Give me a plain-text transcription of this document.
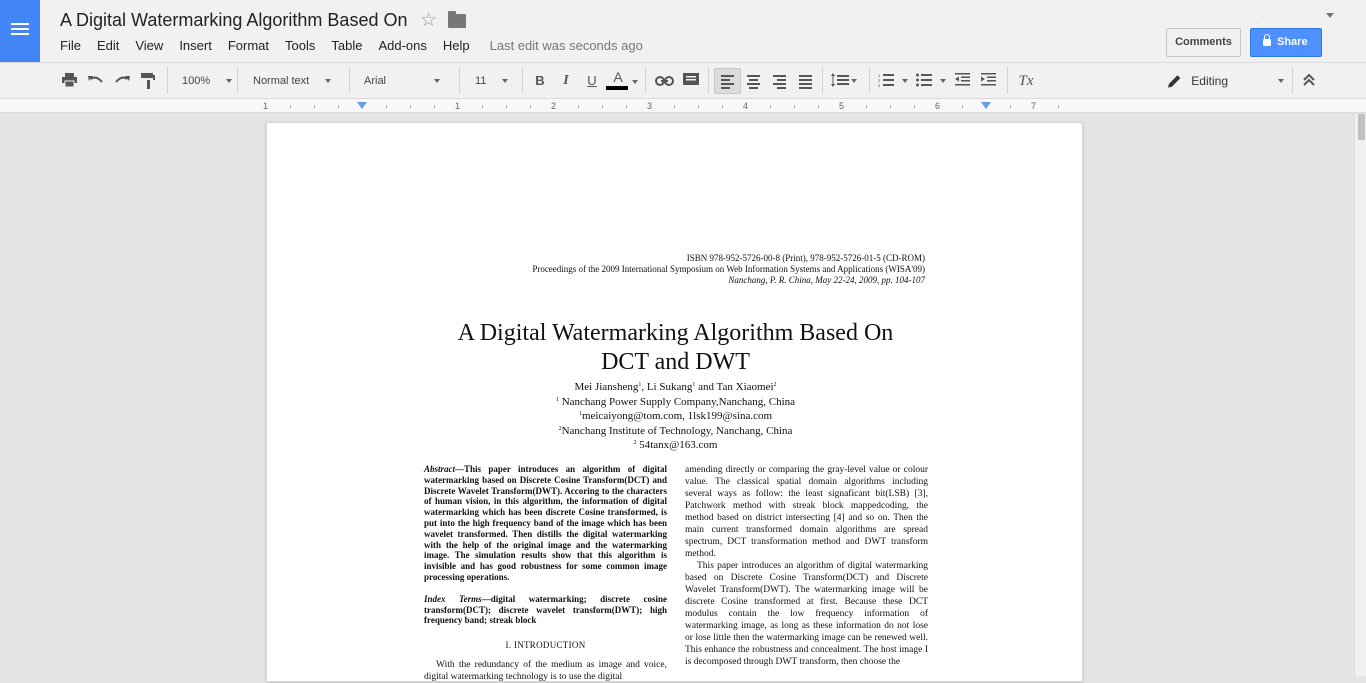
A Digital Watermarking Algorithm Based On ☆
File Edit View Insert Format Tools Table Add-ons Help Last edit was seconds ago
· · · ·
Comments	Share
100%	Normal text	Arial	11	B	I	U	A	1
2
3	Tx	Editing
1	1	2	3	4	5	6	7
ISBN 978-952-5726-00-8 (Print), 978-952-5726-01-5 (CD-ROM)
Proceedings of the 2009 International Symposium on Web Information Systems and Applications (WISA'09)
Nanchang, P. R. China, May 22-24, 2009, pp. 104-107
A Digital Watermarking Algorithm Based On
DCT and DWT
Mei Jiansheng$^1$, Li Sukang$^1$ and Tan Xiaomei$^2$
$^1$ Nanchang Power Supply Company,Nanchang, China
$^1$meicaiyong@tom.com, 1lsk199@sina.com
$^2$Nanchang Institute of Technology, Nanchang, China
$^2$ 54tanx@163.com
Abstract—This paper introduces an algorithm of digital watermarking based on Discrete Cosine Transform(DCT) and Discrete Wavelet Transform(DWT). Accoring to the characters of human vision, in this algorithm, the information of digital watermarking which has been discrete Cosine transformed, is put into the high frequency band of the image which has been wavelet transformed. Then distills the digital watermarking with the help of the original image and the watermarking image. The simulation results show that this algorithm is invisible and has good robustness for some common image processing operations.
Index Terms—digital watermarking; discrete cosine transform(DCT); discrete wavelet transform(DWT); high frequency band; streak block
I. INTRODUCTION
With the redundancy of the medium as image and voice, digital watermarking technology is to use the digital
amending directly or comparing the gray-level value or colour value. The classical spatial domain algorithms including several ways as follow: the least signaficant bit(LSB) [3], Patchwork method with streak block mappedcoding, the method based on district intersecting [4] and so on. Then the main current transformed domain algorithms are spread spectrum, DCT transformation method and DWT transform method.
This paper introduces an algorithm of digital watermarking based on Discrete Cosine Transform(DCT) and Discrete Wavelet Transform(DWT). The watermarking image will be discrete Cosine transformed at first. Because these DCT modulus contain the low frequency information of watermarking image, as long as these information do not lose or lose little then the watermarking image can be renewed well. This enhance the robustness and concealment. The host image I is decomposed through DWT transform, then choose the
